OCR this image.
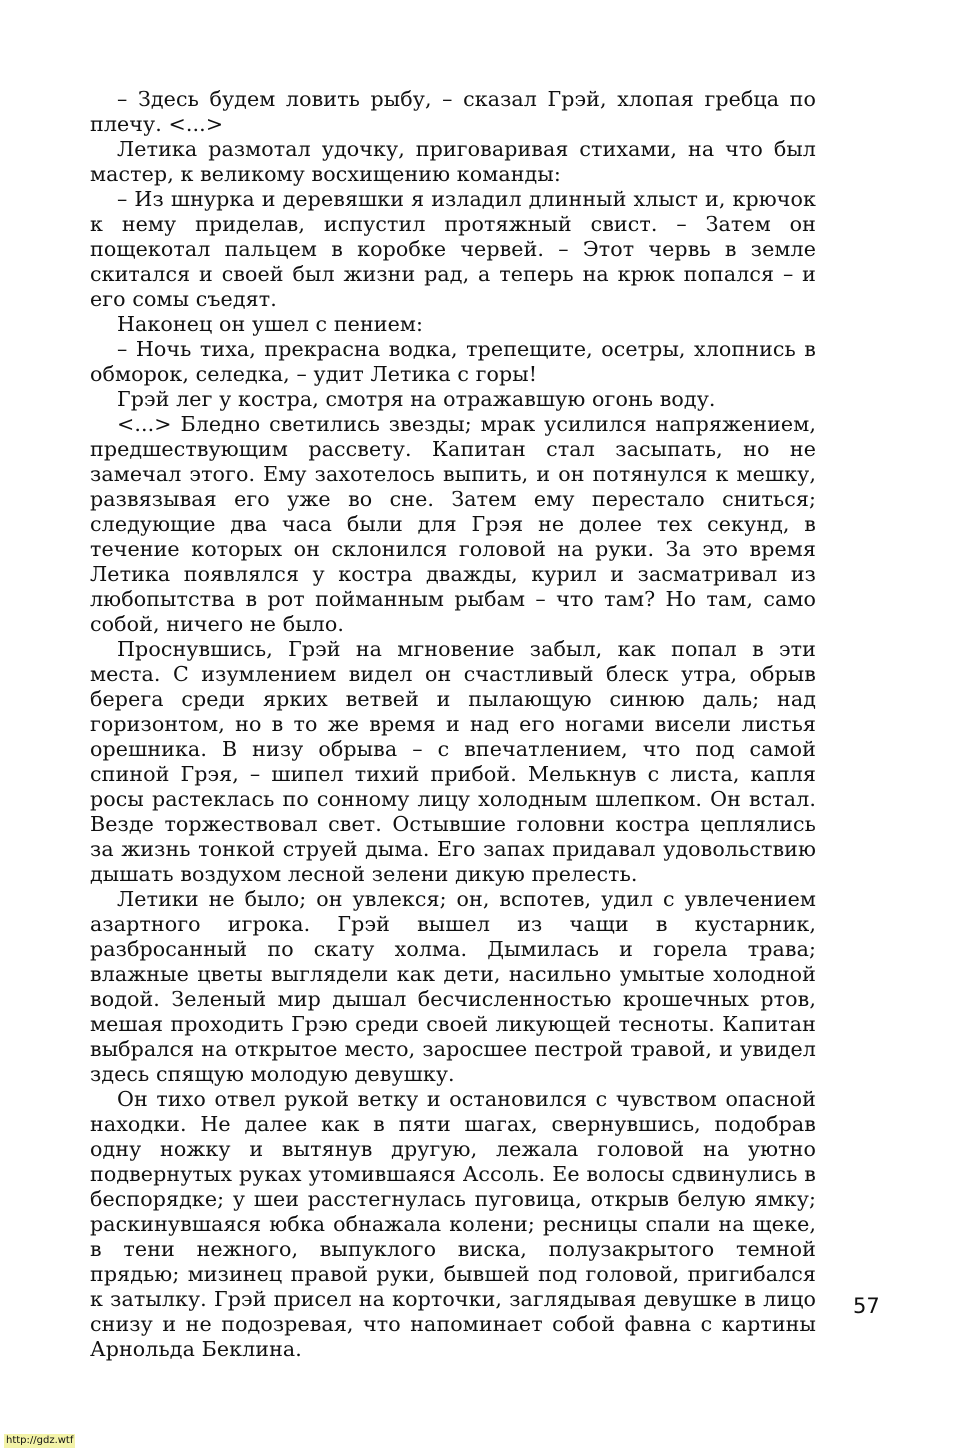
– Здесь будем ловить рыбу, – сказал Грэй, хлопая гребца по плечу. <...>

Летика размотал удочку, приговаривая стихами, на что был мастер, к великому восхищению команды:

– Из шнурка и деревяшки я изладил длинный хлыст и, крючок к нему приделав, испустил протяжный свист. – Затем он пощекотал пальцем в коробке червей. – Этот червь в земле скитался и своей был жизни рад, а теперь на крюк попался – и его сомы съедят.

Наконец он ушел с пением:

– Ночь тиха, прекрасна водка, трепещите, осетры, хлопнись в обморок, селедка, – удит Летика с горы!

Грэй лег у костра, смотря на отражавшую огонь воду.

<...> Бледно светились звезды; мрак усилился напряжением, предшествующим рассвету. Капитан стал засыпать, но не замечал этого. Ему захотелось выпить, и он потянулся к мешку, развязывая его уже во сне. Затем ему перестало сниться; следующие два часа были для Грэя не долее тех секунд, в течение которых он склонился головой на руки. За это время Летика появлялся у костра дважды, курил и засматривал из любопытства в рот пойманным рыбам – что там? Но там, само собой, ничего не было.

Проснувшись, Грэй на мгновение забыл, как попал в эти места. С изумлением видел он счастливый блеск утра, обрыв берега среди ярких ветвей и пылающую синюю даль; над горизонтом, но в то же время и над его ногами висели листья орешника. В низу обрыва – с впечатлением, что под самой спиной Грэя, – шипел тихий прибой. Мелькнув с листа, капля росы растеклась по сонному лицу холодным шлепком. Он встал. Везде торжествовал свет. Остывшие головни костра цеплялись за жизнь тонкой струей дыма. Его запах придавал удовольствию дышать воздухом лесной зелени дикую прелесть.

Летики не было; он увлекся; он, вспотев, удил с увлечением азартного игрока. Грэй вышел из чащи в кустарник, разбросанный по скату холма. Дымилась и горела трава; влажные цветы выглядели как дети, насильно умытые холодной водой. Зеленый мир дышал бесчисленностью крошечных ртов, мешая проходить Грэю среди своей ликующей тесноты. Капитан выбрался на открытое место, заросшее пестрой травой, и увидел здесь спящую молодую девушку.

Он тихо отвел рукой ветку и остановился с чувством опасной находки. Не далее как в пяти шагах, свернувшись, подобрав одну ножку и вытянув другую, лежала головой на уютно подвернутых руках утомившаяся Ассоль. Ее волосы сдвинулись в беспорядке; у шеи расстегнулась пуговица, открыв белую ямку; раскинувшаяся юбка обнажала колени; ресницы спали на щеке, в тени нежного, выпуклого виска, полузакрытого темной прядью; мизинец правой руки, бывшей под головой, пригибался к затылку. Грэй присел на корточки, заглядывая девушке в лицо снизу и не подозревая, что напоминает собой фавна с картины Арнольда Беклина.

57
http://gdz.wtf
